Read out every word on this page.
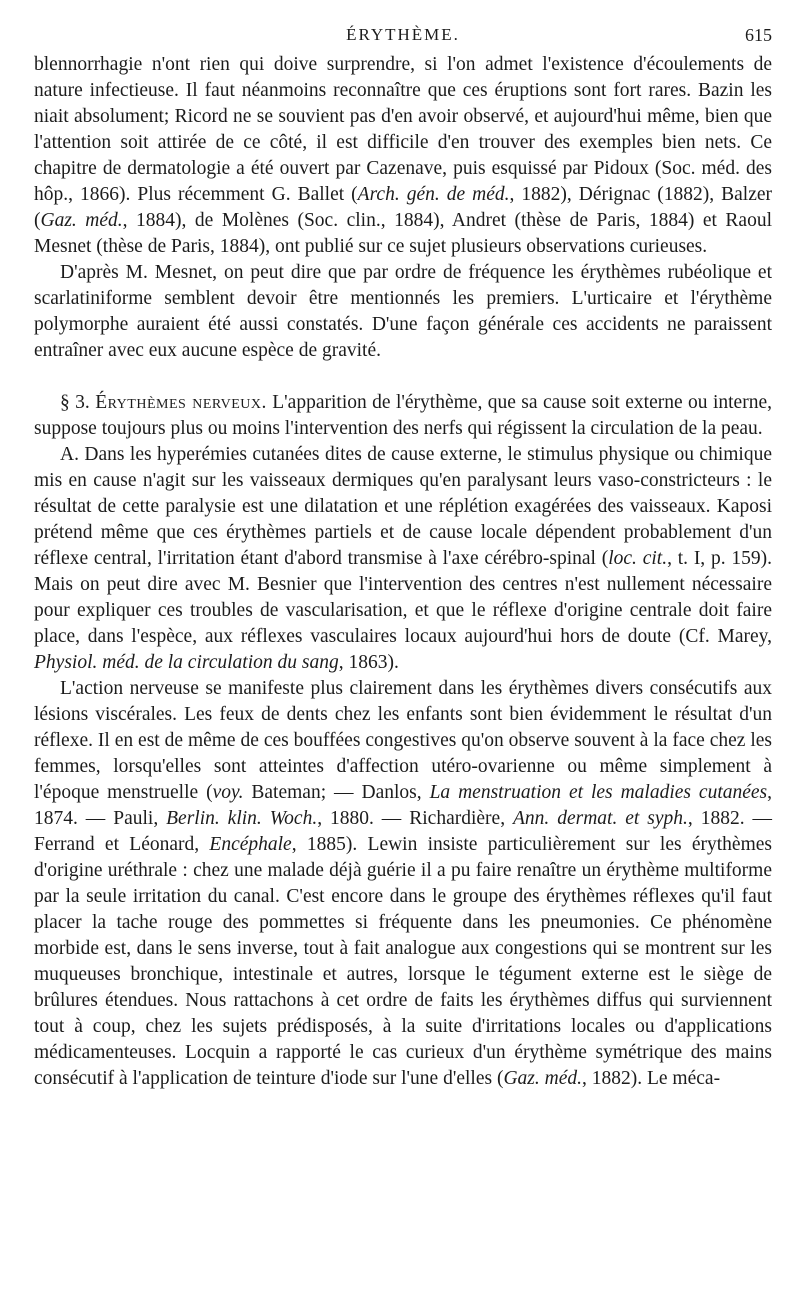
ÉRYTHÈME.	615

blennorrhagie n'ont rien qui doive surprendre, si l'on admet l'existence d'écoulements de nature infectieuse. Il faut néanmoins reconnaître que ces éruptions sont fort rares. Bazin les niait absolument; Ricord ne se souvient pas d'en avoir observé, et aujourd'hui même, bien que l'attention soit attirée de ce côté, il est difficile d'en trouver des exemples bien nets. Ce chapitre de dermatologie a été ouvert par Cazenave, puis esquissé par Pidoux (Soc. méd. des hôp., 1866). Plus récemment G. Ballet (Arch. gén. de méd., 1882), Dérignac (1882), Balzer (Gaz. méd., 1884), de Molènes (Soc. clin., 1884), Andret (thèse de Paris, 1884) et Raoul Mesnet (thèse de Paris, 1884), ont publié sur ce sujet plusieurs observations curieuses.

D'après M. Mesnet, on peut dire que par ordre de fréquence les érythèmes rubéolique et scarlatiniforme semblent devoir être mentionnés les premiers. L'urticaire et l'érythème polymorphe auraient été aussi constatés. D'une façon générale ces accidents ne paraissent entraîner avec eux aucune espèce de gravité.

§ 3. Érythèmes nerveux. L'apparition de l'érythème, que sa cause soit externe ou interne, suppose toujours plus ou moins l'intervention des nerfs qui régissent la circulation de la peau.

A. Dans les hyperémies cutanées dites de cause externe, le stimulus physique ou chimique mis en cause n'agit sur les vaisseaux dermiques qu'en paralysant leurs vaso-constricteurs : le résultat de cette paralysie est une dilatation et une réplétion exagérées des vaisseaux. Kaposi prétend même que ces érythèmes partiels et de cause locale dépendent probablement d'un réflexe central, l'irritation étant d'abord transmise à l'axe cérébro-spinal (loc. cit., t. I, p. 159). Mais on peut dire avec M. Besnier que l'intervention des centres n'est nullement nécessaire pour expliquer ces troubles de vascularisation, et que le réflexe d'origine centrale doit faire place, dans l'espèce, aux réflexes vasculaires locaux aujourd'hui hors de doute (Cf. Marey, Physiol. méd. de la circulation du sang, 1863).

L'action nerveuse se manifeste plus clairement dans les érythèmes divers consécutifs aux lésions viscérales. Les feux de dents chez les enfants sont bien évidemment le résultat d'un réflexe. Il en est de même de ces bouffées congestives qu'on observe souvent à la face chez les femmes, lorsqu'elles sont atteintes d'affection utéro-ovarienne ou même simplement à l'époque menstruelle (voy. Bateman; — Danlos, La menstruation et les maladies cutanées, 1874. — Pauli, Berlin. klin. Woch., 1880. — Richardière, Ann. dermat. et syph., 1882. — Ferrand et Léonard, Encéphale, 1885). Lewin insiste particulièrement sur les érythèmes d'origine uréthrale : chez une malade déjà guérie il a pu faire renaître un érythème multiforme par la seule irritation du canal. C'est encore dans le groupe des érythèmes réflexes qu'il faut placer la tache rouge des pommettes si fréquente dans les pneumonies. Ce phénomène morbide est, dans le sens inverse, tout à fait analogue aux congestions qui se montrent sur les muqueuses bronchique, intestinale et autres, lorsque le tégument externe est le siège de brûlures étendues. Nous rattachons à cet ordre de faits les érythèmes diffus qui surviennent tout à coup, chez les sujets prédisposés, à la suite d'irritations locales ou d'applications médicamenteuses. Locquin a rapporté le cas curieux d'un érythème symétrique des mains consécutif à l'application de teinture d'iode sur l'une d'elles (Gaz. méd., 1882). Le méca-
